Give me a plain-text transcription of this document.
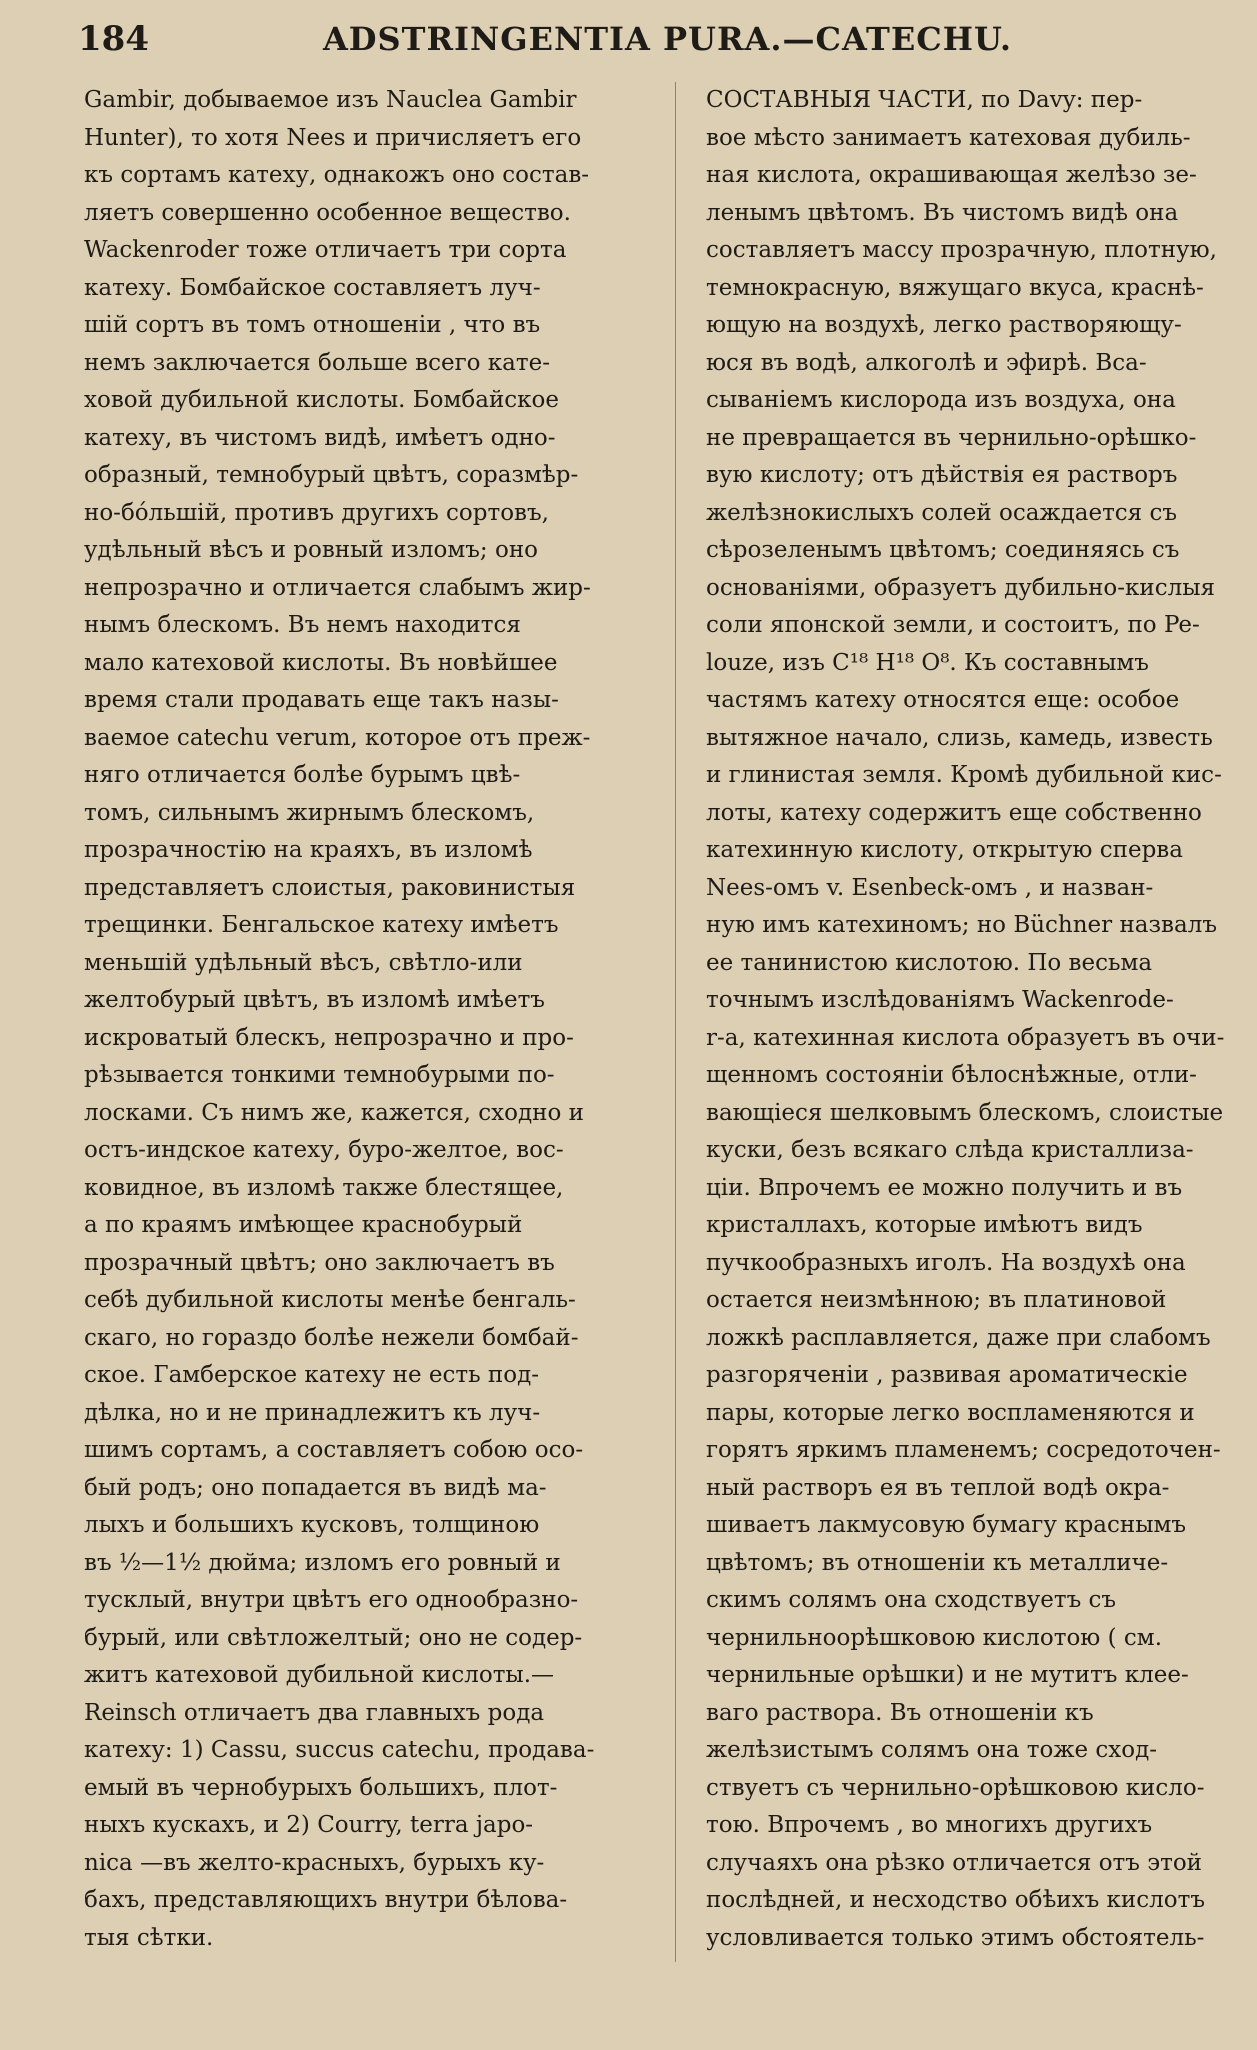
184	ADSTRINGENTIA PURA.—CATECHU.
Gambir, добываемое изъ Nauclea Gambir
Hunter), то хотя Nees и причисляетъ его
къ сортамъ катеху, однакожъ оно состав-
ляетъ совершенно особенное вещество.
Wackenroder тоже отличаетъ три сорта
катеху. Бомбайское составляетъ луч-
шій сортъ въ томъ отношеніи , что въ
немъ заключается больше всего кате-
ховой дубильной кислоты. Бомбайское
катеху, въ чистомъ видѣ, имѣетъ одно-
образный, темнобурый цвѣтъ, соразмѣр-
но-бóльшій, противъ другихъ сортовъ,
удѣльный вѣсъ и ровный изломъ; оно
непрозрачно и отличается слабымъ жир-
нымъ блескомъ. Въ немъ находится
мало катеховой кислоты. Въ новѣйшее
время стали продавать еще такъ назы-
ваемое catechu verum, которое отъ преж-
няго отличается болѣе бурымъ цвѣ-
томъ, сильнымъ жирнымъ блескомъ,
прозрачностію на краяхъ, въ изломѣ
представляетъ слоистыя, раковинистыя
трещинки. Бенгальское катеху имѣетъ
меньшій удѣльный вѣсъ, свѣтло-или
желтобурый цвѣтъ, въ изломѣ имѣетъ
искроватый блескъ, непрозрачно и про-
рѣзывается тонкими темнобурыми по-
лосками. Съ нимъ же, кажется, сходно и
остъ-индское катеху, буро-желтое, вос-
ковидное, въ изломѣ также блестящее,
а по краямъ имѣющее краснобурый
прозрачный цвѣтъ; оно заключаетъ въ
себѣ дубильной кислоты менѣе бенгаль-
скаго, но гораздо болѣе нежели бомбай-
ское. Гамберское катеху не есть под-
дѣлка, но и не принадлежитъ къ луч-
шимъ сортамъ, а составляетъ собою осо-
бый родъ; оно попадается въ видѣ ма-
лыхъ и большихъ кусковъ, толщиною
въ ½—1½ дюйма; изломъ его ровный и
тусклый, внутри цвѣтъ его однообразно-
бурый, или свѣтложелтый; оно не содер-
житъ катеховой дубильной кислоты.—
Reinsch отличаетъ два главныхъ рода
катеху: 1) Cassu, succus catechu, продава-
емый въ чернобурыхъ большихъ, плот-
ныхъ кускахъ, и 2) Courry, terra japo-
nica —въ желто-красныхъ, бурыхъ ку-
бахъ, представляющихъ внутри бѣлова-
тыя сѣтки.
СОСТАВНЫЯ ЧАСТИ, по Davy: пер-
вое мѣсто занимаетъ катеховая дубиль-
ная кислота, окрашивающая желѣзо зе-
ленымъ цвѣтомъ. Въ чистомъ видѣ она
составляетъ массу прозрачную, плотную,
темнокрасную, вяжущаго вкуса, краснѣ-
ющую на воздухѣ, легко растворяющу-
юся въ водѣ, алкоголѣ и эфирѣ. Вса-
сываніемъ кислорода изъ воздуха, она
не превращается въ чернильно-орѣшко-
вую кислоту; отъ дѣйствія ея растворъ
желѣзнокислыхъ солей осаждается съ
сѣрозеленымъ цвѣтомъ; соединяясь съ
основаніями, образуетъ дубильно-кислыя
соли японской земли, и состоитъ, по Pe-
louze, изъ C¹⁸ H¹⁸ O⁸. Къ составнымъ
частямъ катеху относятся еще: особое
вытяжное начало, слизь, камедь, известь
и глинистая земля. Кромѣ дубильной кис-
лоты, катеху содержитъ еще собственно
катехинную кислоту, открытую сперва
Nees-омъ v. Esenbeck-омъ , и назван-
ную имъ катехиномъ; но Büchner назвалъ
ее танинистою кислотою. По весьма
точнымъ изслѣдованіямъ Wackenrode-
r-a, катехинная кислота образуетъ въ очи-
щенномъ состояніи бѣлоснѣжные, отли-
вающіеся шелковымъ блескомъ, слоистые
куски, безъ всякаго слѣда кристаллиза-
ціи. Впрочемъ ее можно получить и въ
кристаллахъ, которые имѣютъ видъ
пучкообразныхъ иголъ. На воздухѣ она
остается неизмѣнною; въ платиновой
ложкѣ расплавляется, даже при слабомъ
разгоряченіи , развивая ароматическіе
пары, которые легко воспламеняются и
горятъ яркимъ пламенемъ; сосредоточен-
ный растворъ ея въ теплой водѣ окра-
шиваетъ лакмусовую бумагу краснымъ
цвѣтомъ; въ отношеніи къ металличе-
скимъ солямъ она сходствуетъ съ
чернильноорѣшковою кислотою ( см.
чернильные орѣшки) и не мутитъ клее-
ваго раствора. Въ отношеніи къ
желѣзистымъ солямъ она тоже сход-
ствуетъ съ чернильно-орѣшковою кисло-
тою. Впрочемъ , во многихъ другихъ
случаяхъ она рѣзко отличается отъ этой
послѣдней, и несходство обѣихъ кислотъ
условливается только этимъ обстоятель-
